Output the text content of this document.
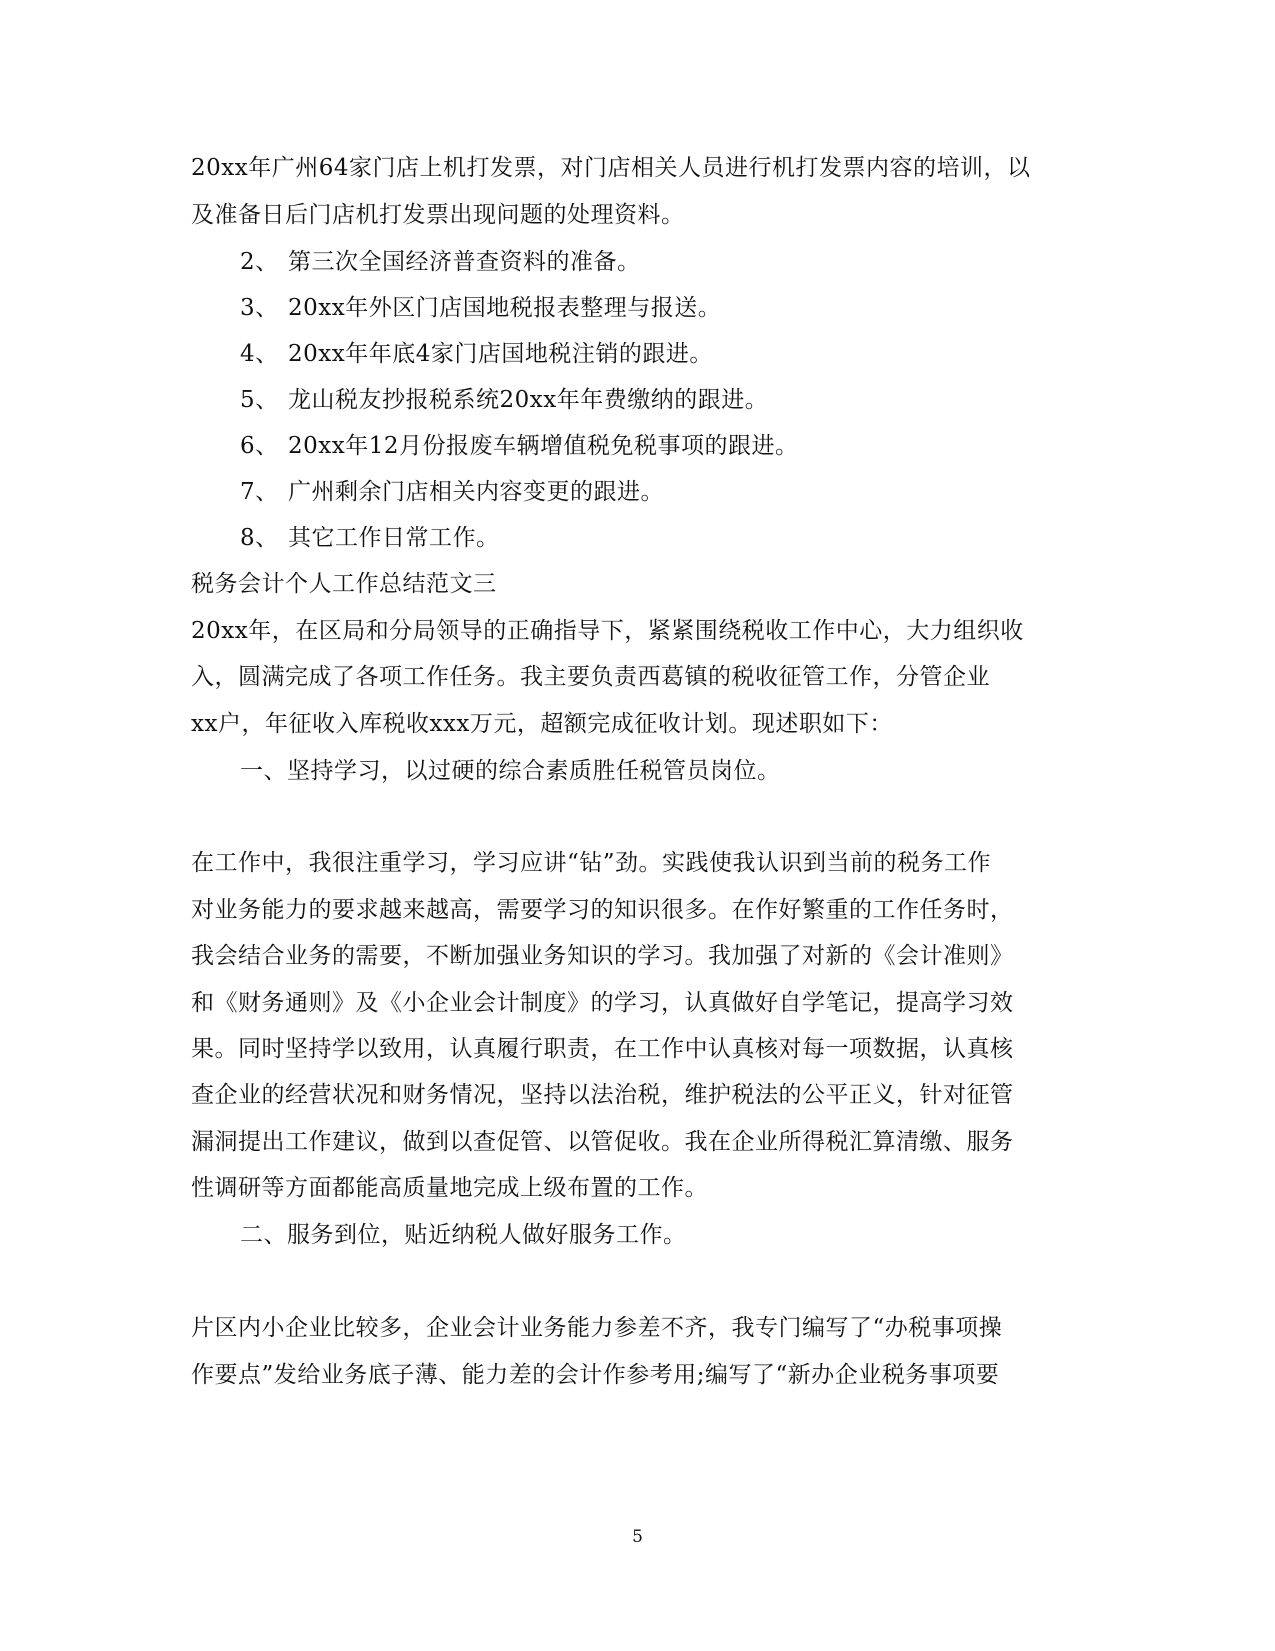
20xx年广州64家门店上机打发票，对门店相关人员进行机打发票内容的培训，以
及准备日后门店机打发票出现问题的处理资料。
2、 第三次全国经济普查资料的准备。
3、 20xx年外区门店国地税报表整理与报送。
4、 20xx年年底4家门店国地税注销的跟进。
5、 龙山税友抄报税系统20xx年年费缴纳的跟进。
6、 20xx年12月份报废车辆增值税免税事项的跟进。
7、 广州剩余门店相关内容变更的跟进。
8、 其它工作日常工作。
税务会计个人工作总结范文三
20xx年，在区局和分局领导的正确指导下，紧紧围绕税收工作中心，大力组织收
入，圆满完成了各项工作任务。我主要负责西葛镇的税收征管工作，分管企业
xx户，年征收入库税收xxx万元，超额完成征收计划。现述职如下：
一、坚持学习，以过硬的综合素质胜任税管员岗位。
在工作中，我很注重学习，学习应讲“钻”劲。实践使我认识到当前的税务工作
对业务能力的要求越来越高，需要学习的知识很多。在作好繁重的工作任务时，
我会结合业务的需要，不断加强业务知识的学习。我加强了对新的《会计准则》
和《财务通则》及《小企业会计制度》的学习，认真做好自学笔记，提高学习效
果。同时坚持学以致用，认真履行职责，在工作中认真核对每一项数据，认真核
查企业的经营状况和财务情况，坚持以法治税，维护税法的公平正义，针对征管
漏洞提出工作建议，做到以查促管、以管促收。我在企业所得税汇算清缴、服务
性调研等方面都能高质量地完成上级布置的工作。
二、服务到位，贴近纳税人做好服务工作。
片区内小企业比较多，企业会计业务能力参差不齐，我专门编写了“办税事项操
作要点”发给业务底子薄、能力差的会计作参考用;编写了“新办企业税务事项要
5
